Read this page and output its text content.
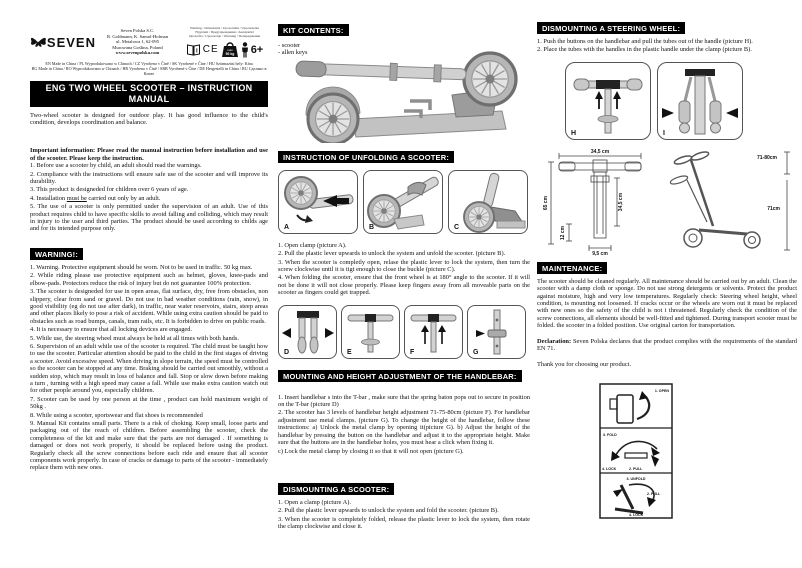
SEVEN
Seven Polska S.C.
R. Goldmann, K. Samol-Hofman
ul. Metalowa 1, 62-095
Murowana Goślina, Poland
www.sevenpolska.com
Warning / Ostrzeżenia / Upozornění / Upozornenia
Figyelem / Предупреждения / Atenționări
Opozorila / Upozorenja / Warnung / Попередження
i CE	max
50 kg 6+
EN Made in China / PL Wyprodukowano w Chinach / CZ Vyrobeno v Číně / SK Vyrobené v Číne / HU Származási hely: Kína
BG Made in China / RO Wyprodukowano w Chinach / HR Vyrobeno v Číně / SRB Vyrobené v Číne / DE Hergestellt in China / RU Сделано в Китае
ENG TWO WHEEL SCOOTER – INSTRUCTION MANUAL

Two-wheel scooter is designed for outdoor play. It has good influence to the child's condition, develops coordination and balance.

Important information: Please read the manual instruction before installation and use of the scooter. Please keep the instruction.

1. Before use a scooter by child, an adult should read the warnings.

2. Compliance with the instructions will ensure safe use of the scooter and will improve its durability.

3. This product is designeded for children over 6 years of age.

4. Installation must be carried out only by an adult.

5. The use of a scooter is only permitted under the supervision of an adult. Use of this product requires child to have specific skills to avoid falling and colliding, which may result in injury to the user and third parties. The product should be used according to childs age and for its intended purpose only.

WARNING!:

1. Warning. Protective equipment should be worn. Not to be used in traffic. 50 kg max.

2. While riding please use protective equipment such as helmet, gloves, knee-pads and elbow-pads. Protectors reduce the risk of injury but do not guarantee 100% protection.

3. The scooter is designeded for use in open areas, flat surface, dry, free from obstacles, non slippery, clear from sand or gravel. Do not use in bad weather conditions (rain, snow), in good visibility (eg do not use after dark), in traffic, near water reservoirs, stairs, steep areas and other places likely to pose a risk of accident. While using extra caution should be paid to obstacles such as road bumps, canals, tram rails, etc. It is forbidden to drive on public roads.

4. It is necessary to ensure that all locking devices are engaged.

5. While use, the steering wheel must always be held at all times with both hands.

6. Supervision of an adult while use of the scooter is required. The child must be taught how to use the scooter. Particular attention should be paid to the child in the first stages of driving a scooter. Avoid excessive speed. When driving in slope terrain, the speed must be controlled so the scooter can be stopped at any time. Braking should be carried out smoothly, without a sudden stop, which may result in loss of balance and fall. Stop or slow down before making a turn , turning with a high speed may cause a fall. While use make extra caution watch out for other people around you, especially children.

7. Scooter can be used by one person at the time , product can hold maximum weight of 50kg .

8. While using a scooter, sportswear and flat shoes is recommended

9. Manual Kit contains small parts. There is a risk of choking. Keep small, loose parts and packaging out of the reach of children. Before assembling the scooter, check the completeness of the kit and make sure that the parts are not damaged . If something is damaged or does not work properly, it should be replaced before using the product. Regularly check all the screw connections before each ride and ensure that all scooter components work properly. In case of cracks or damage to parts of the scooter - immediately replace them with new ones.

KIT CONTENTS:

- scooter

- allen keys

INSTRUCTION OF UNFOLDING A SCOOTER:
A	B	C

1. Open clamp (picture A).

2. Pull the plastic lever upwards to unlock the system and unfold the scooter. (picture B).

3. When the scooter is completly open, relase the plastic lever to lock the system, then turn the screw clockwise until it is tigt enough to close the buckle (picture C).

4. When folding the scooter, ensure that the front wheel is at 180° angle to the scooter. If it will not be done it will not close properly. Please keep fingers away from all moveable parts on the scooter as fingers could get trapped.

D	E	F	G
MOUNTING AND HEIGHT ADJUSTMENT OF THE HANDLEBAR:

1. Insert handlebar s into the T-bar , make sure that the spring baton pops out to secure in position on the T-bar (picture D)

2. The scooter has 3 levels of handlebar height adjustment 71-75-80cm (picture F). For handlebar adjustment use metal clamps. (picture G). To change the height of the handlebar, follow these instructions: a) Unlock the metal clamp by opening it(picture G). b) Adjust the height of the handlebar by pressing the button on the handlebar and adjust it to the appropriate height. Make sure that the buttons are in the handlebar holes, you must hear a click when fixing it.

c) Lock the metal clamp by closing it so that it will not open (picture G).

DISMOUNTING A SCOOTER:

1. Open a clamp (picture A).

2. Pull the plastic lever upwards to unlock the system and fold the scooter. (picture B).

3. When the scooter is completely folded, release the plastic lever to lock the system, then rotate the clamp clockwise and close it.

DISMOUNTING A STEERING WHEEL:

1. Push the buttons on the handlebar and pull the tubes out of the handle (picture H).

2. Place the tubes with the handles in the plastic handle under the clamp (picture B).

H	I
34,5 cm
65 cm	34,5 cm
12 cm
9,5 cm
71-80cm
71cm
MAINTENANCE:

The scooter should be cleaned regularly. All maintenance should be carried out by an adult. Clean the scooter with a damp cloth or sponge. Do not use strong detergents or solvents. Protect the product against moisture, high and very low temperatures. Regularly check: Steering wheel height, wheel condition, is mounting not loosened. If cracks occur or the wheels are worn out it must be replaced with new ones so the safety of the child is not i threatened. Regularly check the condition of the screw connections, all elements should be well-fitted and tightened. During transport scooter must be folded. the scooter in a folded position. Use original carton for transportation.

Declaration: Seven Polska declares that the product complies with the requirements of the standard EN 71.

Thank you for choosing our product.

1. OPEN
3. FOLD
4. LOCK	2. PULL
3. UNFOLD
2. PULL
4. LOCK
